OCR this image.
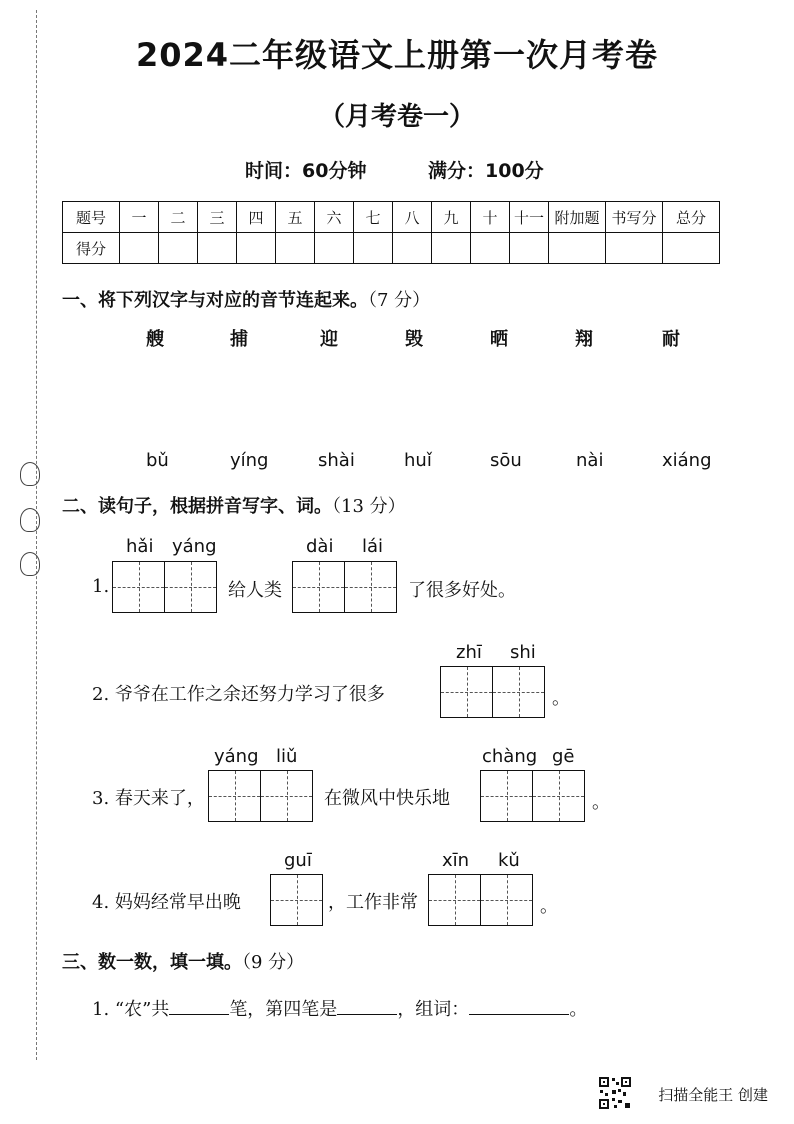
2024二年级语文上册第一次月考卷
（月考卷一）
时间：60分钟	满分：100分
题号	一	二	三	四	五	六	七	八	九	十	十一	附加题	书写分	总分
得分														
一、将下列汉字与对应的音节连起来。（7 分）
艘	捕	迎	毁	晒	翔	耐
bǔ	yíng	shài	huǐ	sōu	nài	xiáng
二、读句子，根据拼音写字、词。（13 分）
hǎi yáng	dài lái
1.	给人类	了很多好处。
zhī shi
2. 爷爷在工作之余还努力学习了很多	。
yáng liǔ	chàng gē
3. 春天来了，	在微风中快乐地	。
guī	xīn kǔ
4. 妈妈经常早出晚	，工作非常	。
三、数一数，填一填。（9 分）
1. “农”共	笔，第四笔是	，组词：	。
扫描全能王 创建
